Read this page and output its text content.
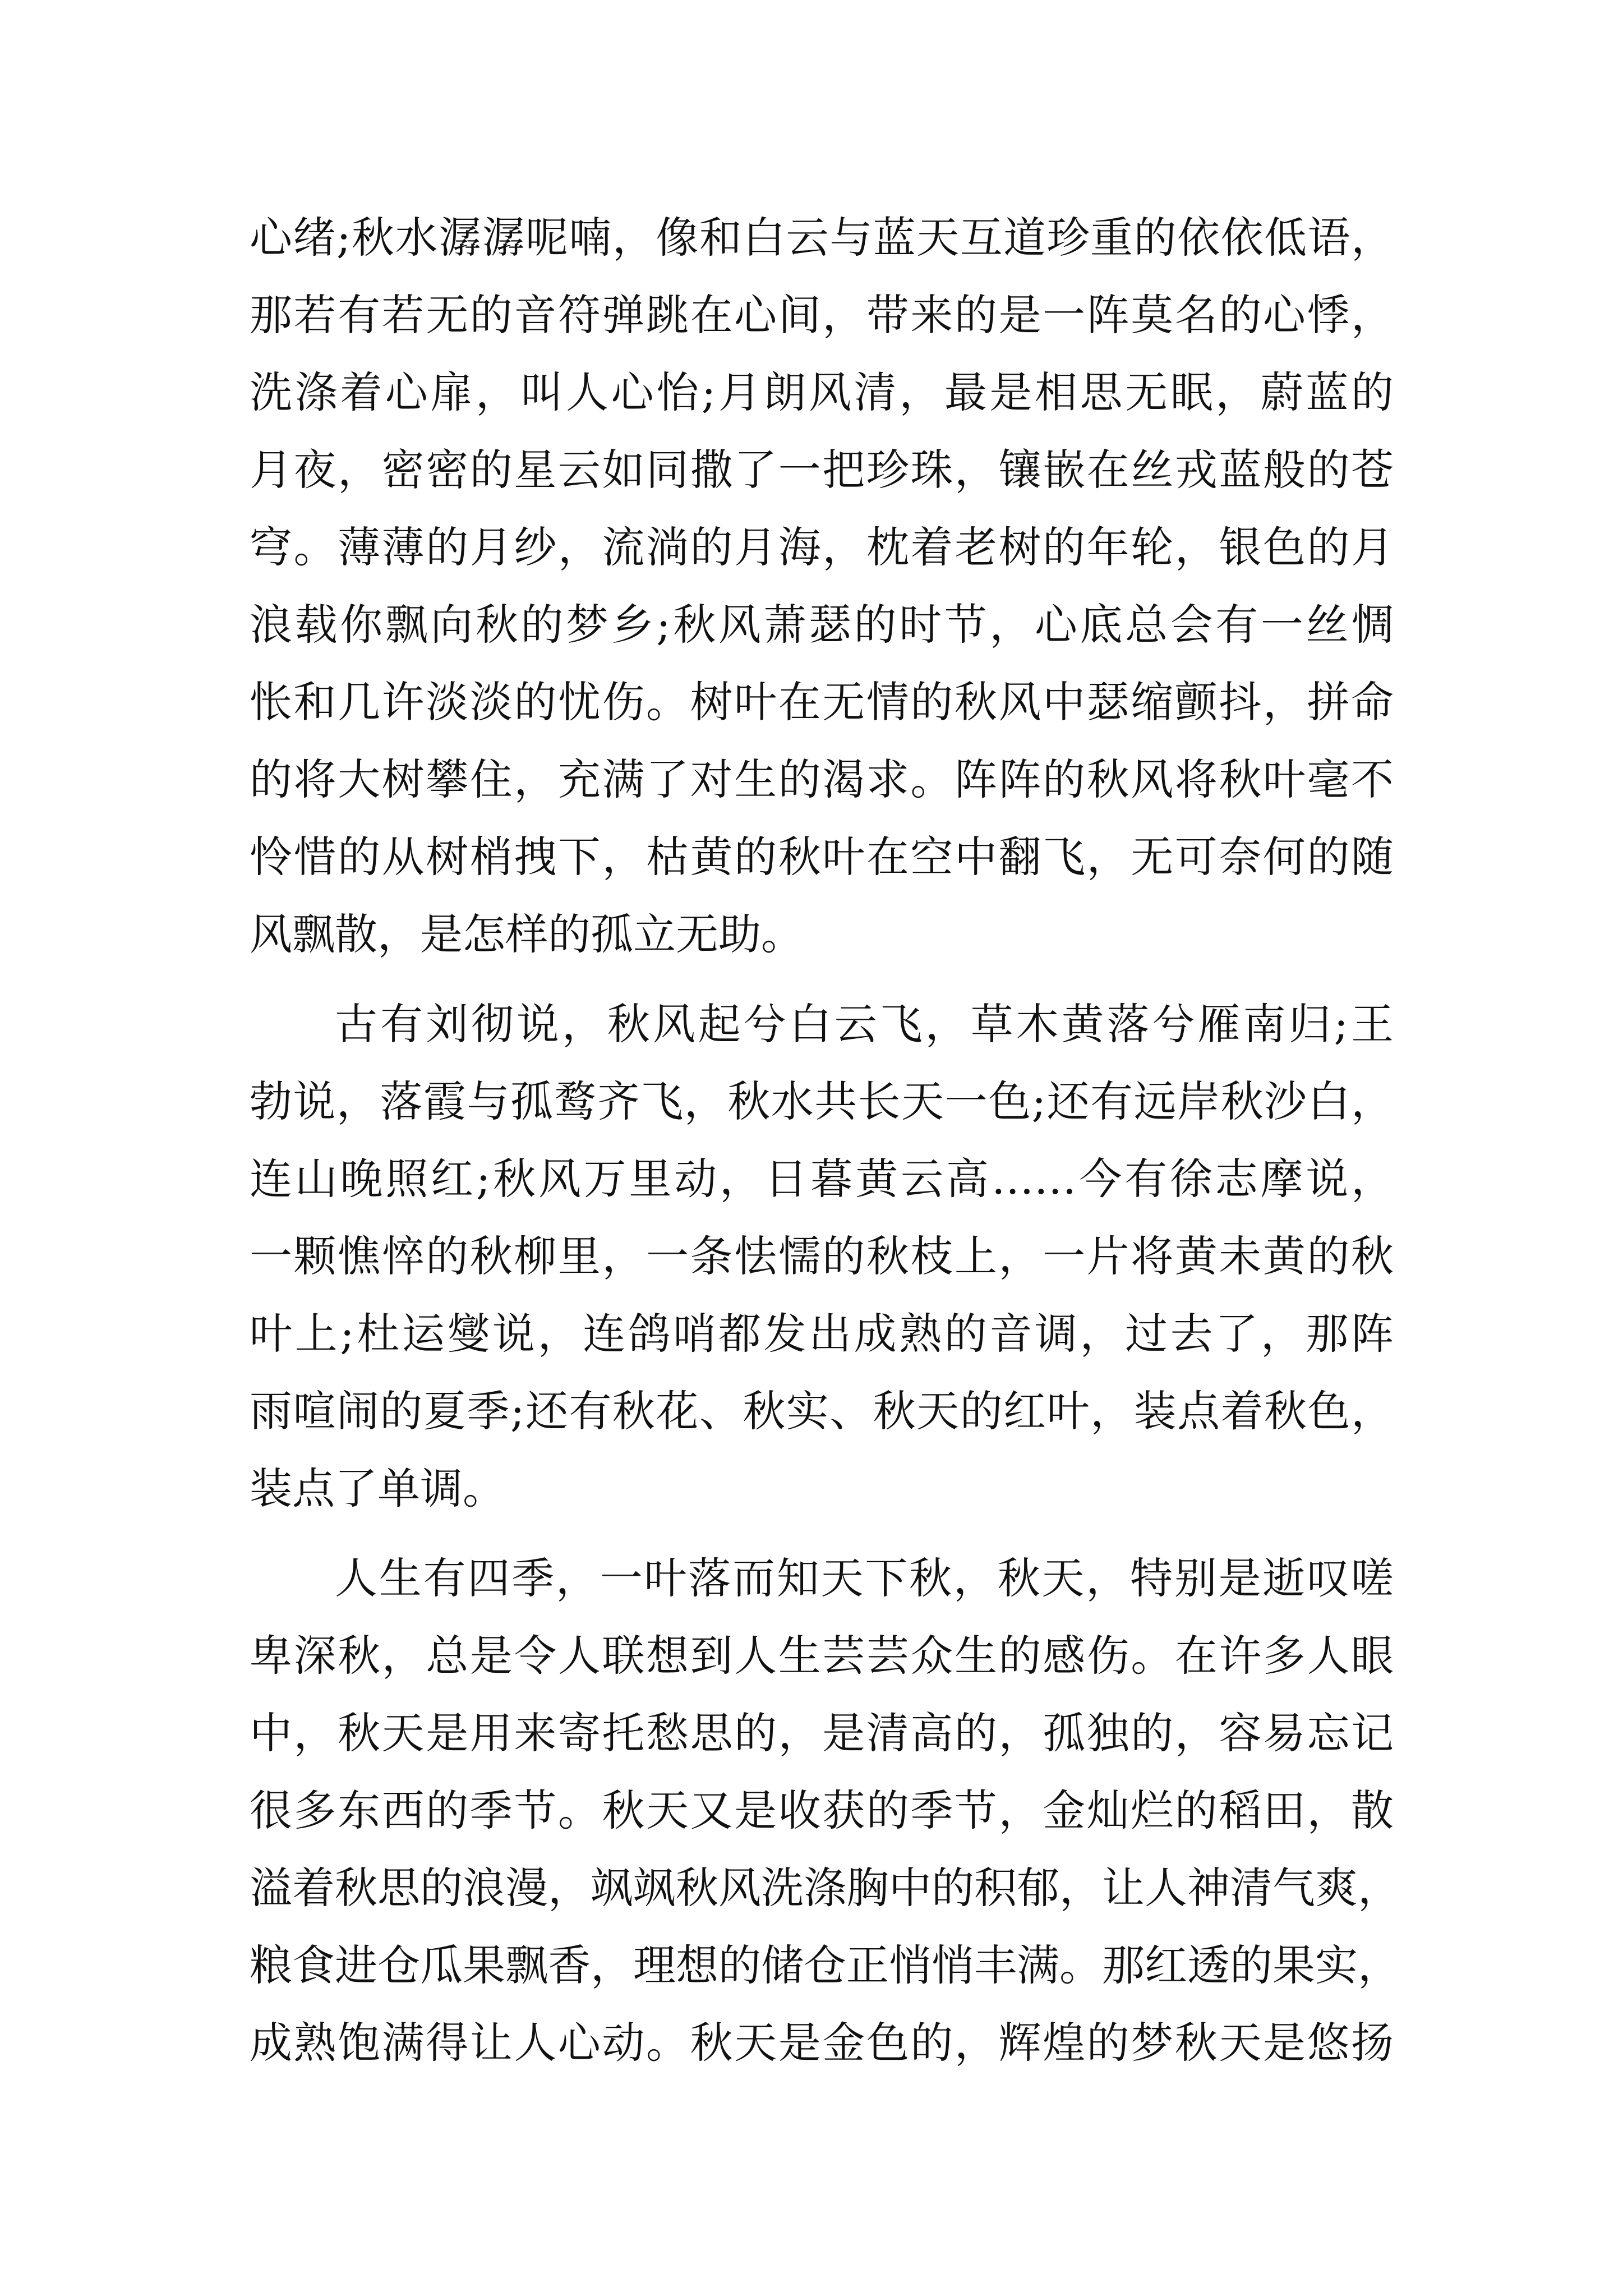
心绪;秋水潺潺呢喃，像和白云与蓝天互道珍重的依依低语，
那若有若无的音符弹跳在心间，带来的是一阵莫名的心悸，
洗涤着心扉，叫人心怡;月朗风清，最是相思无眠，蔚蓝的
月夜，密密的星云如同撒了一把珍珠，镶嵌在丝戎蓝般的苍
穹。薄薄的月纱，流淌的月海，枕着老树的年轮，银色的月
浪载你飘向秋的梦乡;秋风萧瑟的时节，心底总会有一丝惆
怅和几许淡淡的忧伤。树叶在无情的秋风中瑟缩颤抖，拼命
的将大树攀住，充满了对生的渴求。阵阵的秋风将秋叶毫不
怜惜的从树梢拽下，枯黄的秋叶在空中翻飞，无可奈何的随
风飘散，是怎样的孤立无助。
古有刘彻说，秋风起兮白云飞，草木黄落兮雁南归;王
勃说，落霞与孤鹜齐飞，秋水共长天一色;还有远岸秋沙白，
连山晚照红;秋风万里动，日暮黄云高……今有徐志摩说，
一颗憔悴的秋柳里，一条怯懦的秋枝上，一片将黄未黄的秋
叶上;杜运燮说，连鸽哨都发出成熟的音调，过去了，那阵
雨喧闹的夏季;还有秋花、秋实、秋天的红叶，装点着秋色，
装点了单调。
人生有四季，一叶落而知天下秋，秋天，特别是逝叹嗟
卑深秋，总是令人联想到人生芸芸众生的感伤。在许多人眼
中，秋天是用来寄托愁思的，是清高的，孤独的，容易忘记
很多东西的季节。秋天又是收获的季节，金灿烂的稻田，散
溢着秋思的浪漫，飒飒秋风洗涤胸中的积郁，让人神清气爽，
粮食进仓瓜果飘香，理想的储仓正悄悄丰满。那红透的果实，
成熟饱满得让人心动。秋天是金色的，辉煌的梦秋天是悠扬
